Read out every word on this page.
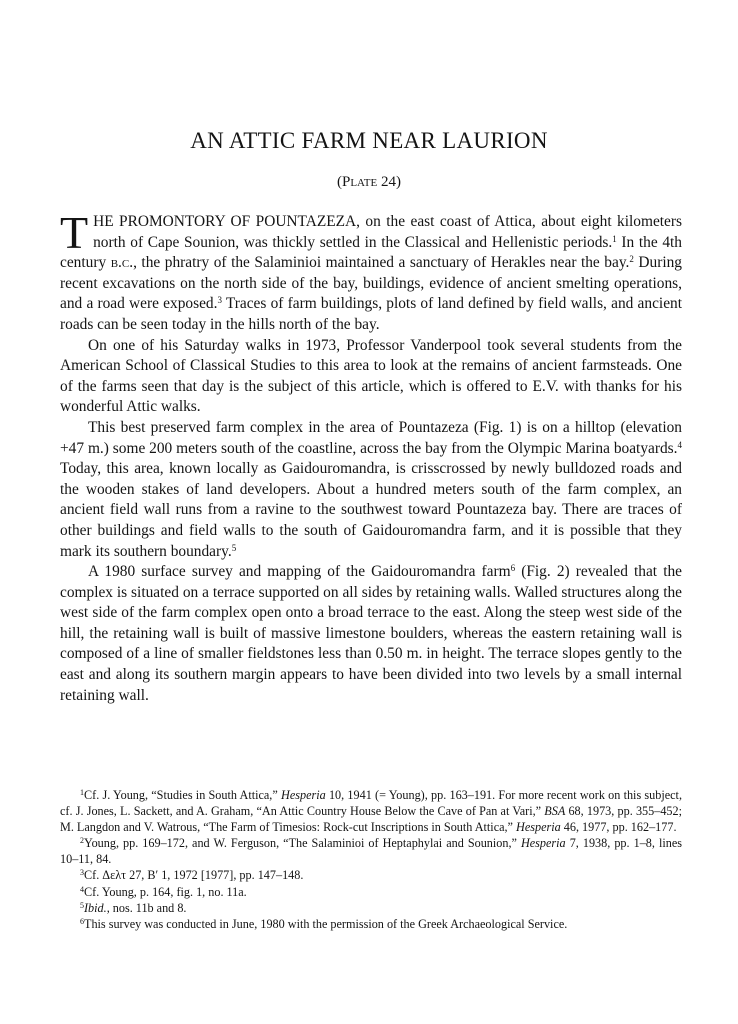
AN ATTIC FARM NEAR LAURION
(Plate 24)

THE PROMONTORY OF POUNTAZEZA, on the east coast of Attica, about eight kilometers north of Cape Sounion, was thickly settled in the Classical and Hellenistic periods.$^1$ In the 4th century b.c., the phratry of the Salaminioi maintained a sanctuary of Herakles near the bay.$^2$ During recent excavations on the north side of the bay, buildings, evidence of ancient smelting operations, and a road were exposed.$^3$ Traces of farm buildings, plots of land defined by field walls, and ancient roads can be seen today in the hills north of the bay.

On one of his Saturday walks in 1973, Professor Vanderpool took several students from the American School of Classical Studies to this area to look at the remains of ancient farmsteads. One of the farms seen that day is the subject of this article, which is offered to E.V. with thanks for his wonderful Attic walks.

This best preserved farm complex in the area of Pountazeza (Fig. 1) is on a hilltop (elevation +47 m.) some 200 meters south of the coastline, across the bay from the Olympic Marina boatyards.$^4$ Today, this area, known locally as Gaidouromandra, is crisscrossed by newly bulldozed roads and the wooden stakes of land developers. About a hundred meters south of the farm complex, an ancient field wall runs from a ravine to the southwest toward Pountazeza bay. There are traces of other buildings and field walls to the south of Gaidouromandra farm, and it is possible that they mark its southern boundary.$^5$

A 1980 surface survey and mapping of the Gaidouromandra farm$^6$ (Fig. 2) revealed that the complex is situated on a terrace supported on all sides by retaining walls. Walled structures along the west side of the farm complex open onto a broad terrace to the east. Along the steep west side of the hill, the retaining wall is built of massive limestone boulders, whereas the eastern retaining wall is composed of a line of smaller fieldstones less than 0.50 m. in height. The terrace slopes gently to the east and along its southern margin appears to have been divided into two levels by a small internal retaining wall.

$^1$Cf. J. Young, “Studies in South Attica,” Hesperia 10, 1941 (= Young), pp. 163–191. For more recent work on this subject, cf. J. Jones, L. Sackett, and A. Graham, “An Attic Country House Below the Cave of Pan at Vari,” BSA 68, 1973, pp. 355–452; M. Langdon and V. Watrous, “The Farm of Timesios: Rock-cut Inscriptions in South Attica,” Hesperia 46, 1977, pp. 162–177.

$^2$Young, pp. 169–172, and W. Ferguson, “The Salaminioi of Heptaphylai and Sounion,” Hesperia 7, 1938, pp. 1–8, lines 10–11, 84.

$^3$Cf. Δελτ 27, Bʹ 1, 1972 [1977], pp. 147–148.

$^4$Cf. Young, p. 164, fig. 1, no. 11a.

$^5$Ibid., nos. 11b and 8.

$^6$This survey was conducted in June, 1980 with the permission of the Greek Archaeological Service.
